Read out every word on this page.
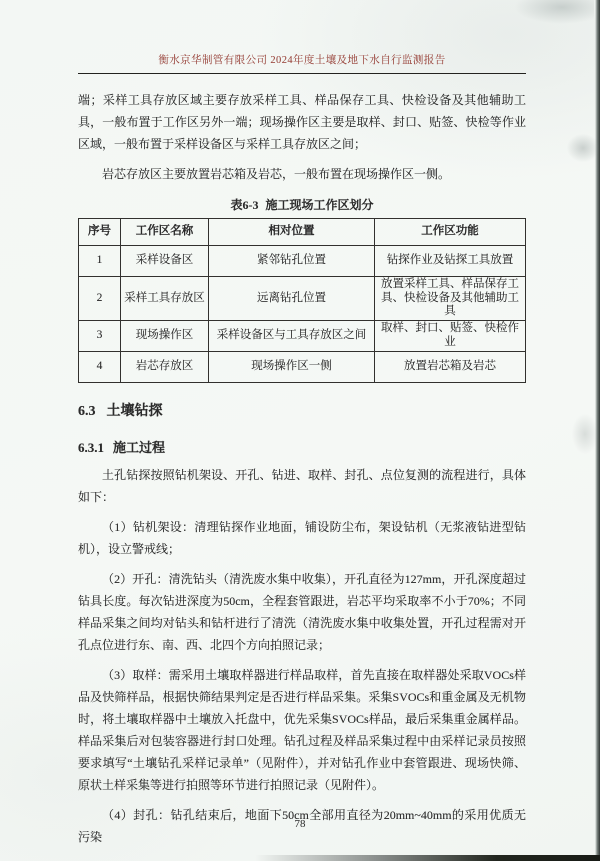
衡水京华制管有限公司 2024年度土壤及地下水自行监测报告

端；采样工具存放区域主要存放采样工具、样品保存工具、快检设备及其他辅助工具，一般布置于工作区另外一端；现场操作区主要是取样、封口、贴签、快检等作业区域，一般布置于采样设备区与采样工具存放区之间；

岩芯存放区主要放置岩芯箱及岩芯，一般布置在现场操作区一侧。

表6-3 施工现场工作区划分
序号	工作区名称	相对位置	工作区功能
1	采样设备区	紧邻钻孔位置	钻探作业及钻探工具放置
2	采样工具存放区	远离钻孔位置	放置采样工具、样品保存工具、快检设备及其他辅助工具
3	现场操作区	采样设备区与工具存放区之间	取样、封口、贴签、快检作业
4	岩芯存放区	现场操作区一侧	放置岩芯箱及岩芯
6.3 土壤钻探
6.3.1 施工过程

土孔钻探按照钻机架设、开孔、钻进、取样、封孔、点位复测的流程进行，具体如下：

（1）钻机架设：清理钻探作业地面，铺设防尘布，架设钻机（无浆液钻进型钻机），设立警戒线；

（2）开孔：清洗钻头（清洗废水集中收集），开孔直径为127mm，开孔深度超过钻具长度。每次钻进深度为50cm，全程套管跟进，岩芯平均采取率不小于70%；不同样品采集之间均对钻头和钻杆进行了清洗（清洗废水集中收集处置，开孔过程需对开孔点位进行东、南、西、北四个方向拍照记录；

（3）取样：需采用土壤取样器进行样品取样，首先直接在取样器处采取VOCs样品及快筛样品，根据快筛结果判定是否进行样品采集。采集SVOCs和重金属及无机物时，将土壤取样器中土壤放入托盘中，优先采集SVOCs样品，最后采集重金属样品。样品采集后对包装容器进行封口处理。钻孔过程及样品采集过程中由采样记录员按照要求填写“土壤钻孔采样记录单”（见附件），并对钻孔作业中套管跟进、现场快筛、原状土样采集等进行拍照等环节进行拍照记录（见附件）。

（4）封孔：钻孔结束后，地面下50cm全部用直径为20mm~40mm的采用优质无污染

78
